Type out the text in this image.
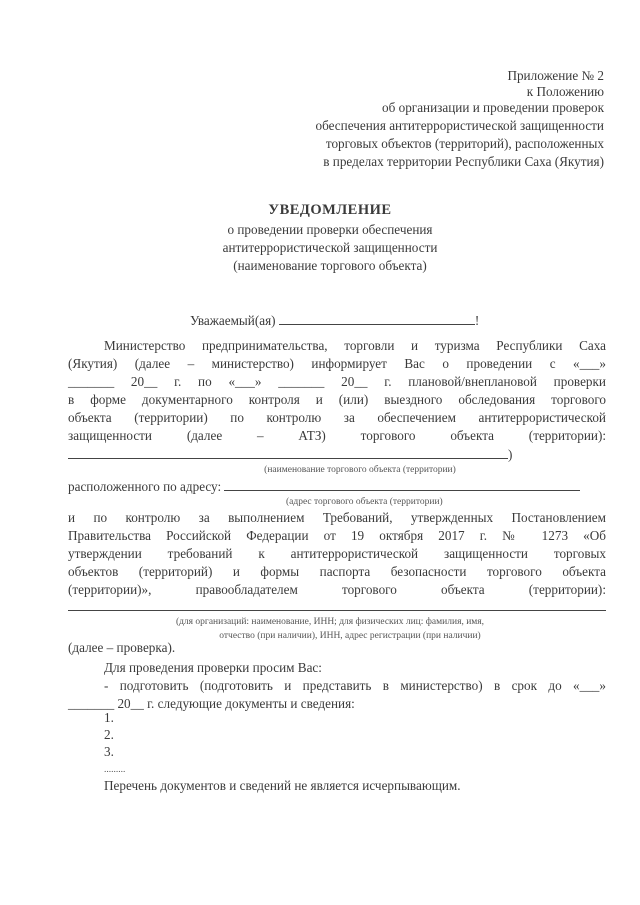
Приложение № 2
к Положению
об организации и проведении проверок
обеспечения антитеррористической защищенности
торговых объектов (территорий), расположенных
в пределах территории Республики Саха (Якутия)
УВЕДОМЛЕНИЕ
о проведении проверки обеспечения
антитеррористической защищенности
(наименование торгового объекта)
Уважаемый(ая)	!
Министерство предпринимательства, торговли и туризма Республики Саха
(Якутия) (далее – министерство) информирует Вас о проведении с «___»
_______ 20__ г. по «___» _______ 20__ г. плановой/внеплановой проверки
в форме документарного контроля и (или) выездного обследования торгового
объекта (территории) по контролю за обеспечением антитеррористической
защищенности (далее – АТЗ) торгового объекта (территории):
)
(наименование торгового объекта (территории)
расположенного по адресу:
(адрес торгового объекта (территории)
и по контролю за выполнением Требований, утвержденных Постановлением
Правительства Российской Федерации от 19 октября 2017 г. № 1273 «Об
утверждении требований к антитеррористической защищенности торговых
объектов (территорий) и формы паспорта безопасности торгового объекта
(территории)», правообладателем торгового объекта (территории):
(для организаций: наименование, ИНН; для физических лиц: фамилия, имя,
отчество (при наличии), ИНН, адрес регистрации (при наличии)
(далее – проверка).
Для проведения проверки просим Вас:
- подготовить (подготовить и представить в министерство) в срок до «___»
_______ 20__ г. следующие документы и сведения:
1.
2.
3.
.........
Перечень документов и сведений не является исчерпывающим.
